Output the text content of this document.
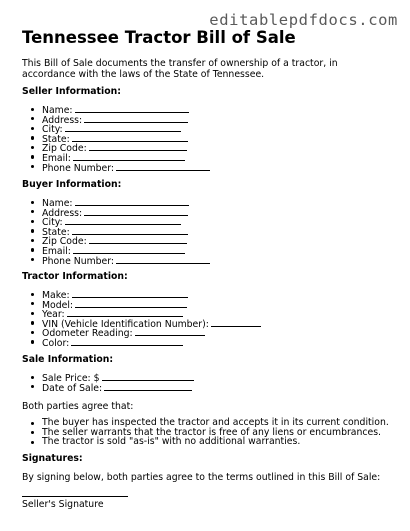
editablepdfdocs.com
Tennessee Tractor Bill of Sale

This Bill of Sale documents the transfer of ownership of a tractor, in accordance with the laws of the State of Tennessee.

Seller Information:
Name:
Address:
City:
State:
Zip Code:
Email:
Phone Number:
Buyer Information:
Name:
Address:
City:
State:
Zip Code:
Email:
Phone Number:
Tractor Information:
Make:
Model:
Year:
VIN (Vehicle Identification Number):
Odometer Reading:
Color:
Sale Information:
Sale Price: $
Date of Sale:
Both parties agree that:
The buyer has inspected the tractor and accepts it in its current condition.
The seller warrants that the tractor is free of any liens or encumbrances.
The tractor is sold "as-is" with no additional warranties.
Signatures:
By signing below, both parties agree to the terms outlined in this Bill of Sale:
Seller's Signature
